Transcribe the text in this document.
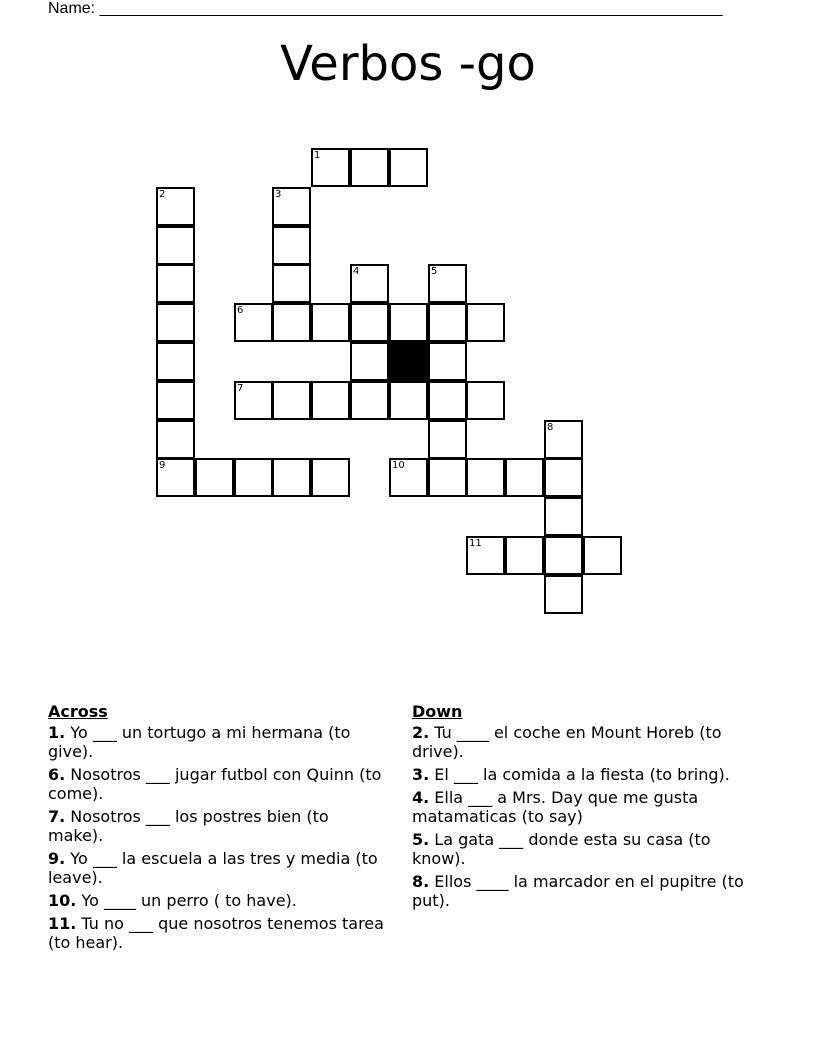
Name: ______________________________________________________________________
Verbos -go
1
2	3
4	5
6
7
8
9	10
11
Across
1. Yo ___ un tortugo a mi hermana (to give).
6. Nosotros ___ jugar futbol con Quinn (to come).
7. Nosotros ___ los postres bien (to make).
9. Yo ___ la escuela a las tres y media (to leave).
10. Yo ____ un perro ( to have).
11. Tu no ___ que nosotros tenemos tarea (to hear).
Down
2. Tu ____ el coche en Mount Horeb (to drive).
3. El ___ la comida a la fiesta (to bring).
4. Ella ___ a Mrs. Day que me gusta matamaticas (to say)
5. La gata ___ donde esta su casa (to know).
8. Ellos ____ la marcador en el pupitre (to put).
